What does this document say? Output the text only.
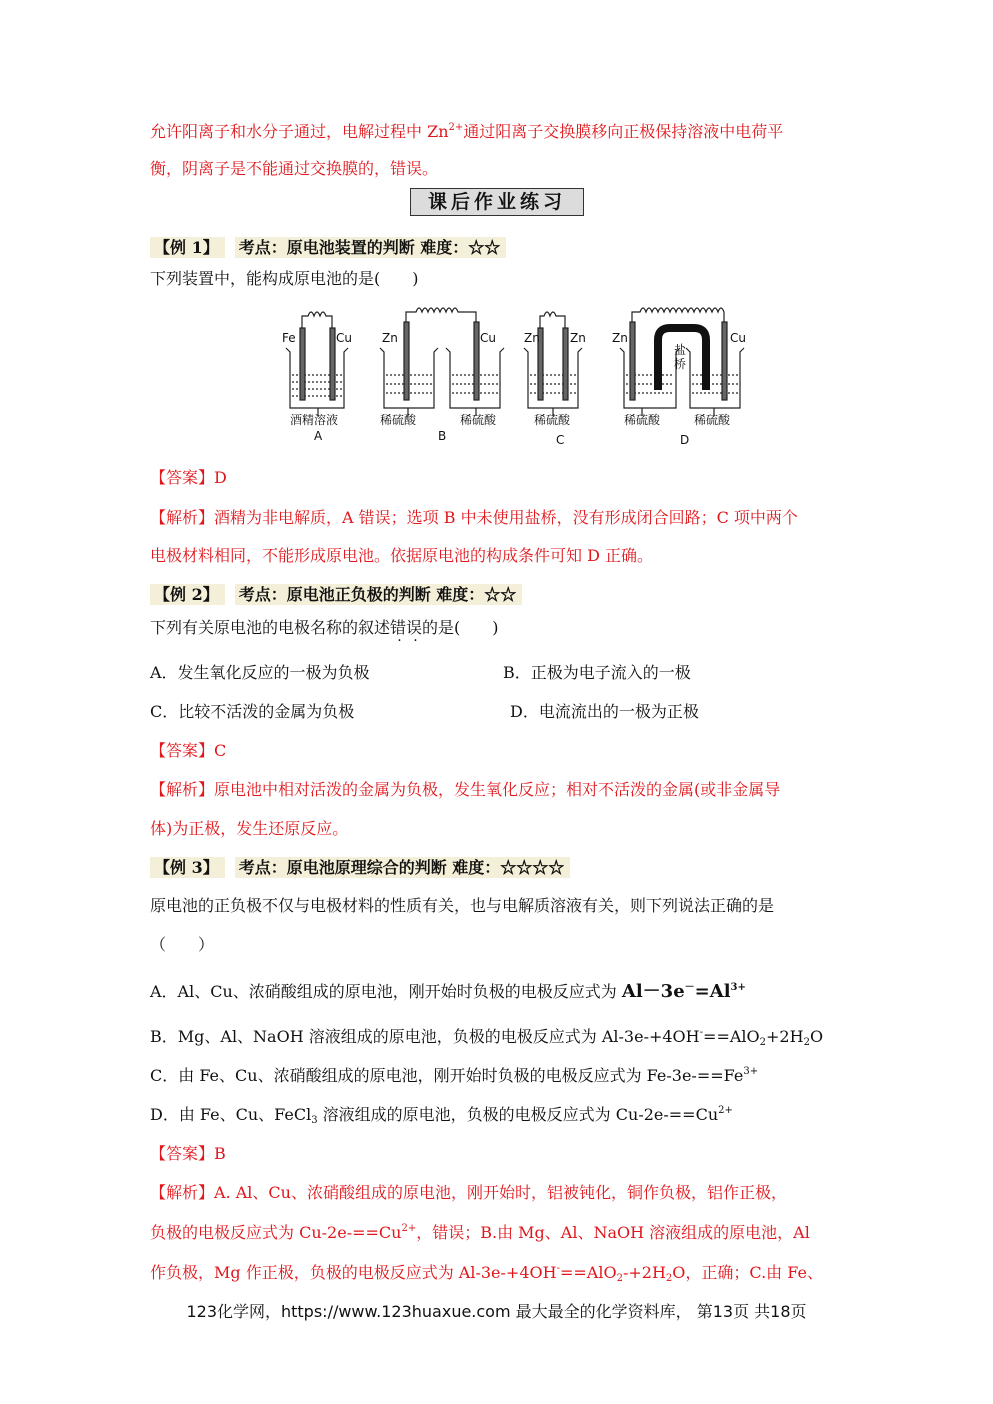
允许阳离子和水分子通过，电解过程中 $Zn^{2+}$通过阳离子交换膜移向正极保持溶液中电荷平
衡，阴离子是不能通过交换膜的，错误。
课后作业练习
【例 1】 考点：原电池装置的判断 难度：☆☆
下列装置中，能构成原电池的是(　　)
Fe	Cu
酒精溶液
A
Zn	Cu
稀硫酸	稀硫酸
B
Zn	Zn
稀硫酸
C
Zn	Cu
盐
桥
稀硫酸	稀硫酸
D
【答案】D
【解析】酒精为非电解质，A 错误；选项 B 中未使用盐桥，没有形成闭合回路；C 项中两个
电极材料相同，不能形成原电池。依据原电池的构成条件可知 D 正确。
【例 2】 考点：原电池正负极的判断 难度：☆☆
下列有关原电池的电极名称的叙述错误的是(　　)
A．发生氧化反应的一极为负极	B．正极为电子流入的一极
C．比较不活泼的金属为负极	D．电流流出的一极为正极
【答案】C
【解析】原电池中相对活泼的金属为负极，发生氧化反应；相对不活泼的金属(或非金属导
体)为正极，发生还原反应。
【例 3】 考点：原电池原理综合的判断 难度：☆☆☆☆
原电池的正负极不仅与电极材料的性质有关，也与电解质溶液有关，则下列说法正确的是
（　　）
A．Al、Cu、浓硝酸组成的原电池，刚开始时负极的电极反应式为 $Al-3e^-=Al^{3+}$
B．Mg、Al、NaOH 溶液组成的原电池，负极的电极反应式为 $Al-3e-+4OH^-==AlO_2+2H_2O$
C．由 Fe、Cu、浓硝酸组成的原电池，刚开始时负极的电极反应式为 $Fe-3e-==Fe^{3+}$
D．由 Fe、Cu、FeCl$_3$ 溶液组成的原电池，负极的电极反应式为 $Cu-2e-==Cu^{2+}$
【答案】B
【解析】A. Al、Cu、浓硝酸组成的原电池，刚开始时，铝被钝化，铜作负极，铝作正极，
负极的电极反应式为 $Cu-2e-==Cu^{2+}$，错误；B.由 Mg、Al、NaOH 溶液组成的原电池，Al
作负极，Mg 作正极，负极的电极反应式为 $Al-3e-+4OH^-==AlO_2-+2H_2O$，正确；C.由 Fe、
123化学网，https://www.123huaxue.com 最大最全的化学资料库， 第13页 共18页
